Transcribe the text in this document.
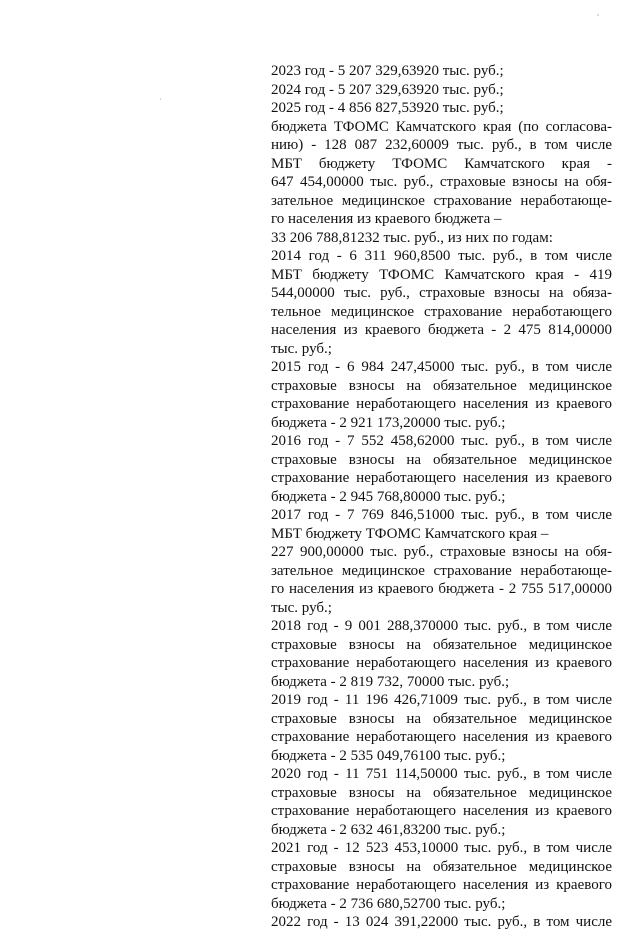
2023 год - 5 207 329,63920 тыс. руб.;
2024 год - 5 207 329,63920 тыс. руб.;
2025 год - 4 856 827,53920 тыс. руб.;
бюджета ТФОМС Камчатского края (по согласова-
нию) - 128 087 232,60009 тыс. руб., в том числе
МБТ бюджету ТФОМС Камчатского края -
647 454,00000 тыс. руб., страховые взносы на обя-
зательное медицинское страхование неработающе-
го населения из краевого бюджета –
33 206 788,81232 тыс. руб., из них по годам:
2014 год - 6 311 960,8500 тыс. руб., в том числе
МБТ бюджету ТФОМС Камчатского края - 419
544,00000 тыс. руб., страховые взносы на обяза-
тельное медицинское страхование неработающего
населения из краевого бюджета - 2 475 814,00000
тыс. руб.;
2015 год - 6 984 247,45000 тыс. руб., в том числе
страховые взносы на обязательное медицинское
страхование неработающего населения из краевого
бюджета - 2 921 173,20000 тыс. руб.;
2016 год - 7 552 458,62000 тыс. руб., в том числе
страховые взносы на обязательное медицинское
страхование неработающего населения из краевого
бюджета - 2 945 768,80000 тыс. руб.;
2017 год - 7 769 846,51000 тыс. руб., в том числе
МБТ бюджету ТФОМС Камчатского края –
227 900,00000 тыс. руб., страховые взносы на обя-
зательное медицинское страхование неработающе-
го населения из краевого бюджета - 2 755 517,00000
тыс. руб.;
2018 год - 9 001 288,370000 тыс. руб., в том числе
страховые взносы на обязательное медицинское
страхование неработающего населения из краевого
бюджета - 2 819 732, 70000 тыс. руб.;
2019 год - 11 196 426,71009 тыс. руб., в том числе
страховые взносы на обязательное медицинское
страхование неработающего населения из краевого
бюджета - 2 535 049,76100 тыс. руб.;
2020 год - 11 751 114,50000 тыс. руб., в том числе
страховые взносы на обязательное медицинское
страхование неработающего населения из краевого
бюджета - 2 632 461,83200 тыс. руб.;
2021 год - 12 523 453,10000 тыс. руб., в том числе
страховые взносы на обязательное медицинское
страхование неработающего населения из краевого
бюджета - 2 736 680,52700 тыс. руб.;
2022 год - 13 024 391,22000 тыс. руб., в том числе
